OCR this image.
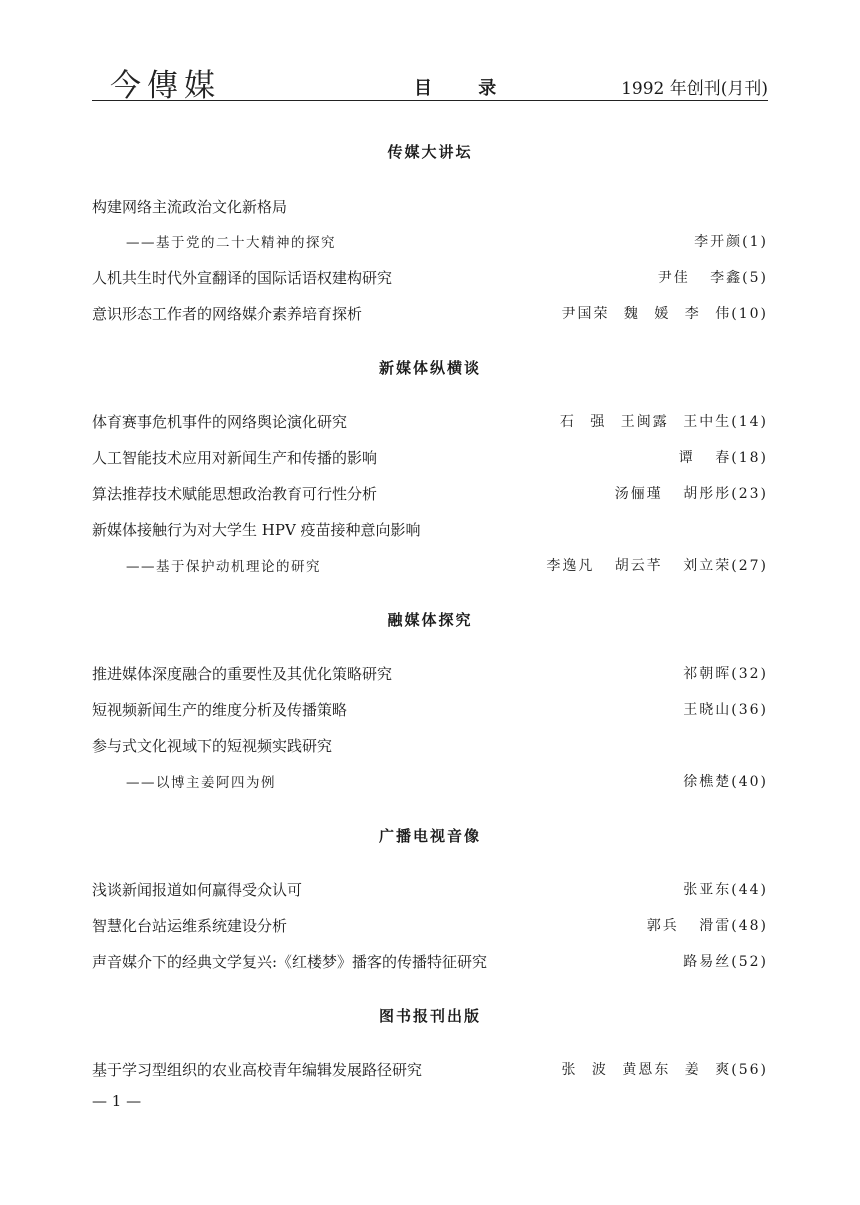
今傳媒	目 录	1992 年创刊(月刊)
传媒大讲坛
构建网络主流政治文化新格局
——基于党的二十大精神的探究	李开颜(1)
人机共生时代外宣翻译的国际话语权建构研究	尹佳 李鑫(5)
意识形态工作者的网络媒介素养培育探析	尹国荣 魏 媛 李 伟(10)
新媒体纵横谈
体育赛事危机事件的网络舆论演化研究	石 强 王闽露 王中生(14)
人工智能技术应用对新闻生产和传播的影响	谭 春(18)
算法推荐技术赋能思想政治教育可行性分析	汤俪瑾 胡彤彤(23)
新媒体接触行为对大学生 HPV 疫苗接种意向影响
——基于保护动机理论的研究	李逸凡 胡云芊 刘立荣(27)
融媒体探究
推进媒体深度融合的重要性及其优化策略研究	祁朝晖(32)
短视频新闻生产的维度分析及传播策略	王晓山(36)
参与式文化视域下的短视频实践研究
——以博主姜阿四为例	徐樵楚(40)
广播电视音像
浅谈新闻报道如何赢得受众认可	张亚东(44)
智慧化台站运维系统建设分析	郭兵 滑雷(48)
声音媒介下的经典文学复兴:《红楼梦》播客的传播特征研究	路易丝(52)
图书报刊出版
基于学习型组织的农业高校青年编辑发展路径研究	张 波 黄恩东 姜 爽(56)
— 1 —
